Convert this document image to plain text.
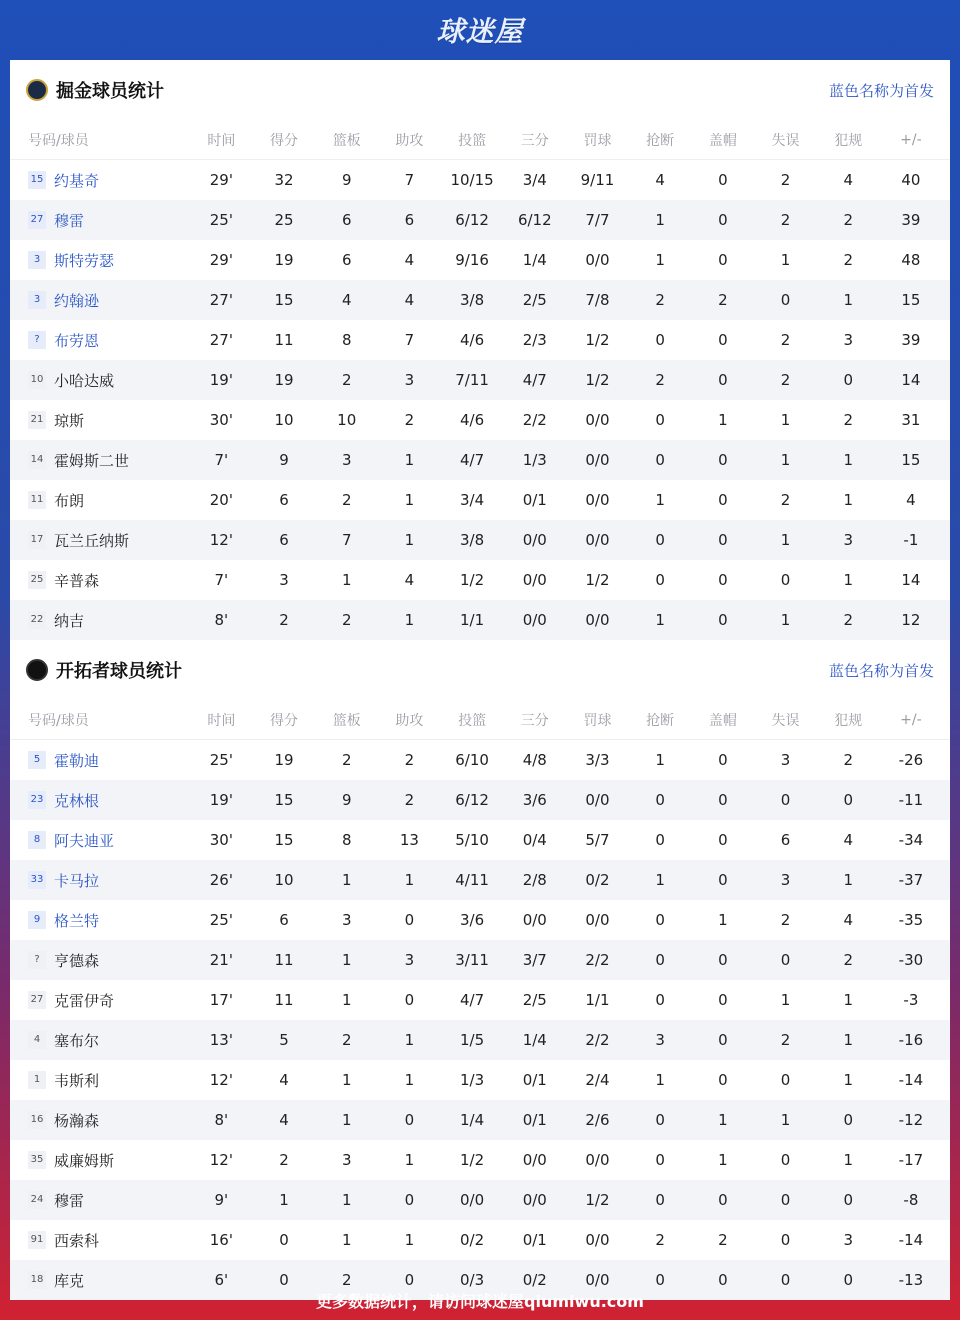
球迷屋
掘金球员统计	蓝色名称为首发
号码/球员	时间	得分	篮板	助攻	投篮	三分	罚球	抢断	盖帽	失误	犯规	+/-
15 约基奇	29'	32	9	7	10/15	3/4	9/11	4	0	2	4	40
27 穆雷	25'	25	6	6	6/12	6/12	7/7	1	0	2	2	39
3 斯特劳瑟	29'	19	6	4	9/16	1/4	0/0	1	0	1	2	48
3 约翰逊	27'	15	4	4	3/8	2/5	7/8	2	2	0	1	15
? 布劳恩	27'	11	8	7	4/6	2/3	1/2	0	0	2	3	39
10 小哈达威	19'	19	2	3	7/11	4/7	1/2	2	0	2	0	14
21 琼斯	30'	10	10	2	4/6	2/2	0/0	0	1	1	2	31
14 霍姆斯二世	7'	9	3	1	4/7	1/3	0/0	0	0	1	1	15
11 布朗	20'	6	2	1	3/4	0/1	0/0	1	0	2	1	4
17 瓦兰丘纳斯	12'	6	7	1	3/8	0/0	0/0	0	0	1	3	-1
25 辛普森	7'	3	1	4	1/2	0/0	1/2	0	0	0	1	14
22 纳吉	8'	2	2	1	1/1	0/0	0/0	1	0	1	2	12
开拓者球员统计	蓝色名称为首发
号码/球员	时间	得分	篮板	助攻	投篮	三分	罚球	抢断	盖帽	失误	犯规	+/-
5 霍勒迪	25'	19	2	2	6/10	4/8	3/3	1	0	3	2	-26
23 克林根	19'	15	9	2	6/12	3/6	0/0	0	0	0	0	-11
8 阿夫迪亚	30'	15	8	13	5/10	0/4	5/7	0	0	6	4	-34
33 卡马拉	26'	10	1	1	4/11	2/8	0/2	1	0	3	1	-37
9 格兰特	25'	6	3	0	3/6	0/0	0/0	0	1	2	4	-35
? 亨德森	21'	11	1	3	3/11	3/7	2/2	0	0	0	2	-30
27 克雷伊奇	17'	11	1	0	4/7	2/5	1/1	0	0	1	1	-3
4 塞布尔	13'	5	2	1	1/5	1/4	2/2	3	0	2	1	-16
1 韦斯利	12'	4	1	1	1/3	0/1	2/4	1	0	0	1	-14
16 杨瀚森	8'	4	1	0	1/4	0/1	2/6	0	1	1	0	-12
35 威廉姆斯	12'	2	3	1	1/2	0/0	0/0	0	1	0	1	-17
24 穆雷	9'	1	1	0	0/0	0/0	1/2	0	0	0	0	-8
91 西索科	16'	0	1	1	0/2	0/1	0/0	2	2	0	3	-14
18 库克	6'	0	2	0	0/3	0/2	0/0	0	0	0	0	-13
更多数据统计，请访问球迷屋qiumiwu.com
